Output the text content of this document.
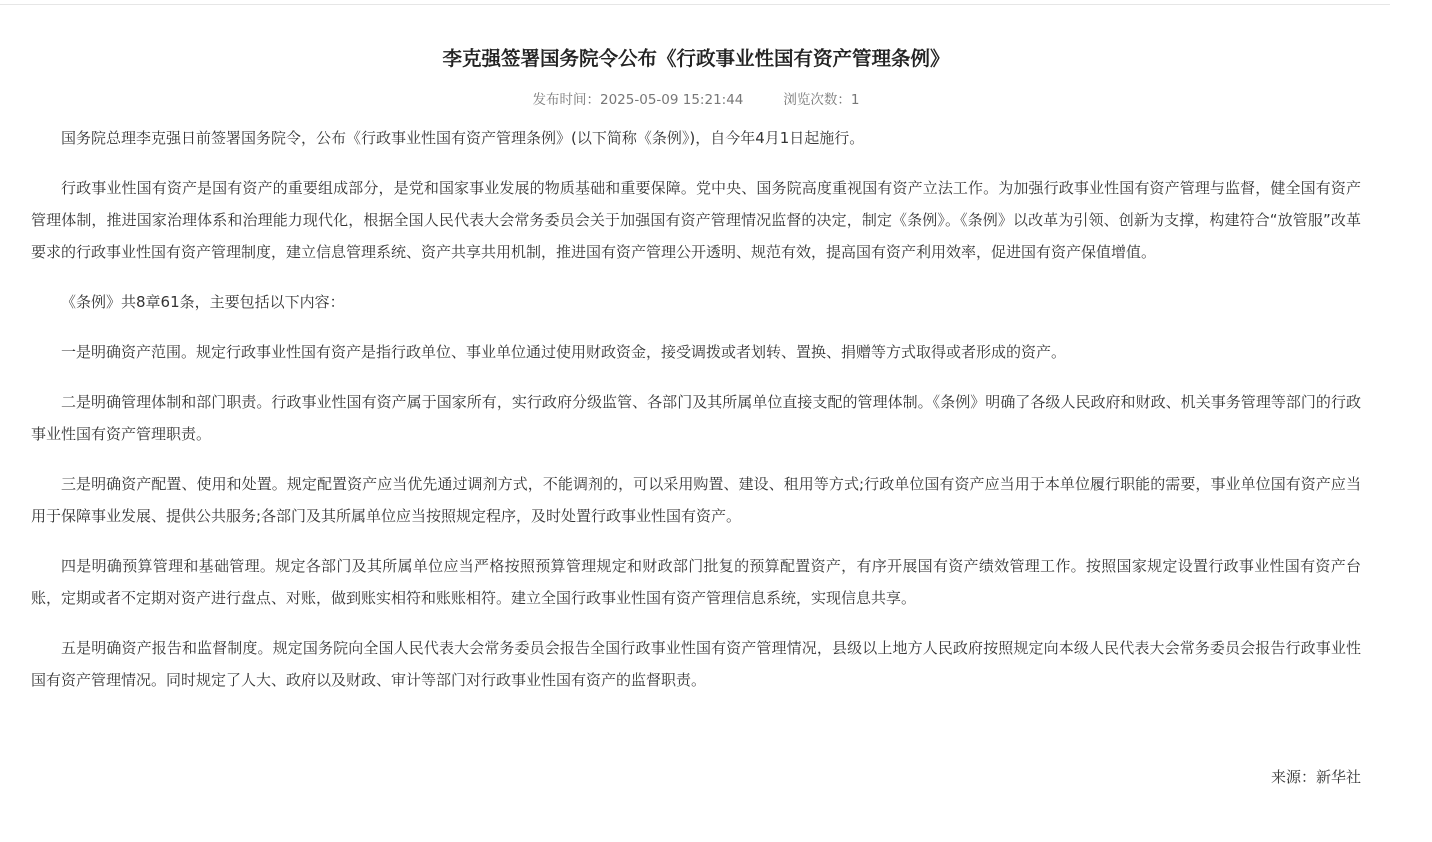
李克强签署国务院令公布《行政事业性国有资产管理条例》
发布时间：2025-05-09 15:21:44	浏览次数：1

国务院总理李克强日前签署国务院令，公布《行政事业性国有资产管理条例》(以下简称《条例》)，自今年4月1日起施行。

行政事业性国有资产是国有资产的重要组成部分，是党和国家事业发展的物质基础和重要保障。党中央、国务院高度重视国有资产立法工作。为加强行政事业性国有资产管理与监督，健全国有资产管理体制，推进国家治理体系和治理能力现代化，根据全国人民代表大会常务委员会关于加强国有资产管理情况监督的决定，制定《条例》。《条例》以改革为引领、创新为支撑，构建符合“放管服”改革要求的行政事业性国有资产管理制度，建立信息管理系统、资产共享共用机制，推进国有资产管理公开透明、规范有效，提高国有资产利用效率，促进国有资产保值增值。

《条例》共8章61条，主要包括以下内容：

一是明确资产范围。规定行政事业性国有资产是指行政单位、事业单位通过使用财政资金，接受调拨或者划转、置换、捐赠等方式取得或者形成的资产。

二是明确管理体制和部门职责。行政事业性国有资产属于国家所有，实行政府分级监管、各部门及其所属单位直接支配的管理体制。《条例》明确了各级人民政府和财政、机关事务管理等部门的行政事业性国有资产管理职责。

三是明确资产配置、使用和处置。规定配置资产应当优先通过调剂方式，不能调剂的，可以采用购置、建设、租用等方式;行政单位国有资产应当用于本单位履行职能的需要，事业单位国有资产应当用于保障事业发展、提供公共服务;各部门及其所属单位应当按照规定程序，及时处置行政事业性国有资产。

四是明确预算管理和基础管理。规定各部门及其所属单位应当严格按照预算管理规定和财政部门批复的预算配置资产，有序开展国有资产绩效管理工作。按照国家规定设置行政事业性国有资产台账，定期或者不定期对资产进行盘点、对账，做到账实相符和账账相符。建立全国行政事业性国有资产管理信息系统，实现信息共享。

五是明确资产报告和监督制度。规定国务院向全国人民代表大会常务委员会报告全国行政事业性国有资产管理情况，县级以上地方人民政府按照规定向本级人民代表大会常务委员会报告行政事业性国有资产管理情况。同时规定了人大、政府以及财政、审计等部门对行政事业性国有资产的监督职责。

来源：新华社
